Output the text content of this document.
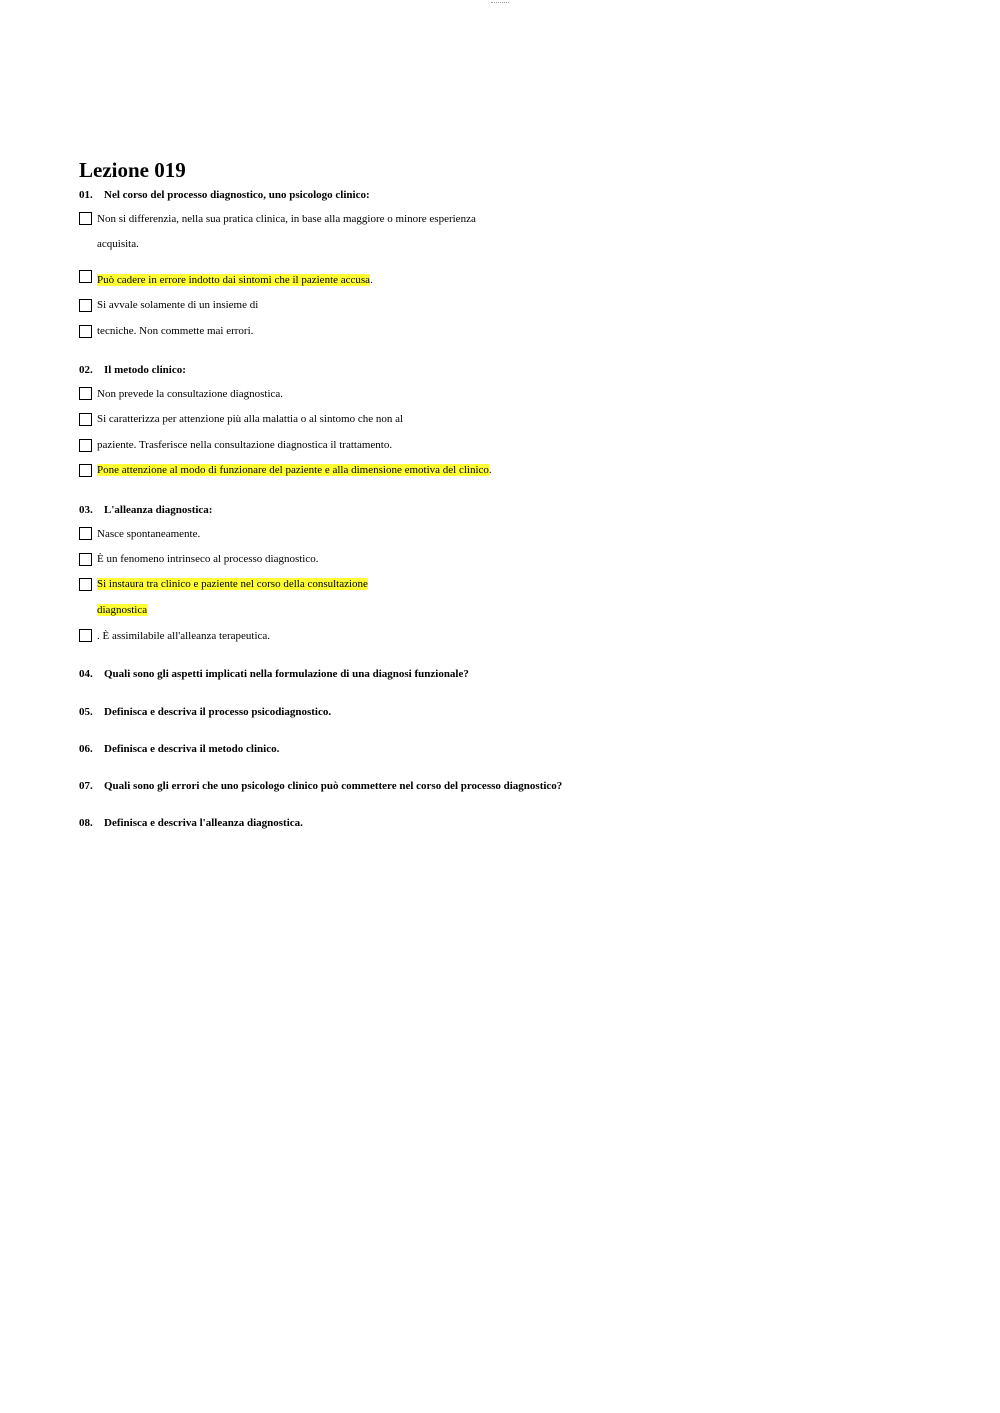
Lezione 019
01. Nel corso del processo diagnostico, uno psicologo clinico:
Non si differenzia, nella sua pratica clinica, in base alla maggiore o minore esperienza
acquisita.
Può cadere in errore indotto dai sintomi che il paziente accusa.
Si avvale solamente di un insieme di
tecniche. Non commette mai errori.
02. Il metodo clinico:
Non prevede la consultazione diagnostica.
Si caratterizza per attenzione più alla malattia o al sintomo che non al
paziente. Trasferisce nella consultazione diagnostica il trattamento.
Pone attenzione al modo di funzionare del paziente e alla dimensione emotiva del clinico.
03. L'alleanza diagnostica:
Nasce spontaneamente.
È un fenomeno intrinseco al processo diagnostico.
Si instaura tra clinico e paziente nel corso della consultazione
diagnostica
. È assimilabile all'alleanza terapeutica.
04. Quali sono gli aspetti implicati nella formulazione di una diagnosi funzionale?
05. Definisca e descriva il processo psicodiagnostico.
06. Definisca e descriva il metodo clinico.
07. Quali sono gli errori che uno psicologo clinico può commettere nel corso del processo diagnostico?
08. Definisca e descriva l'alleanza diagnostica.
